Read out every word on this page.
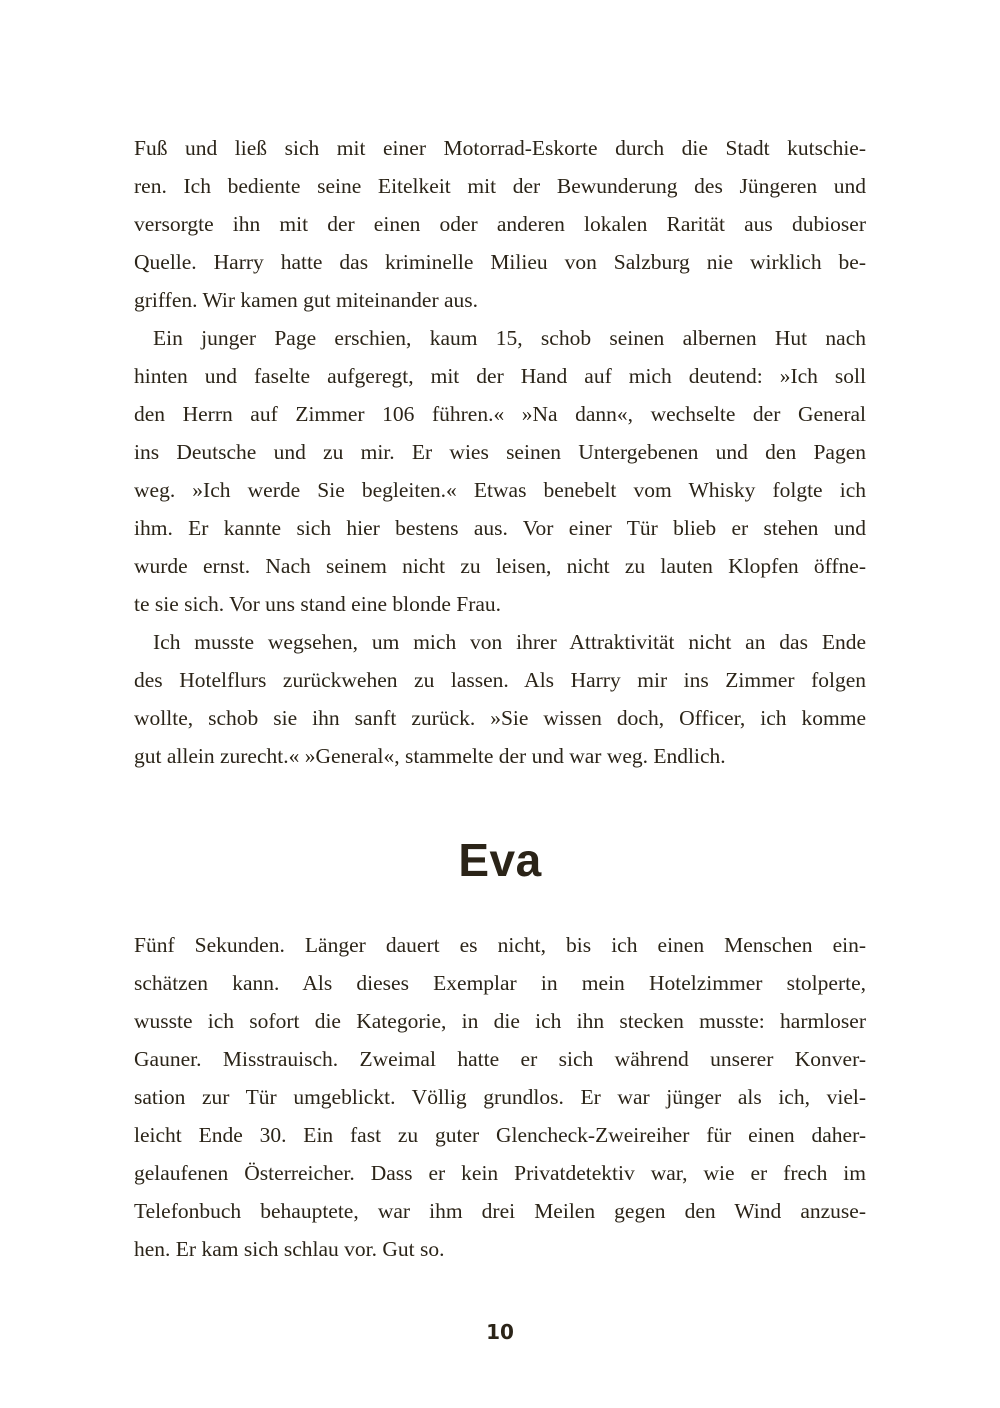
Fuß und ließ sich mit einer Motorrad-Eskorte durch die Stadt kutschie-
ren. Ich bediente seine Eitelkeit mit der Bewunderung des Jüngeren und
versorgte ihn mit der einen oder anderen lokalen Rarität aus dubioser
Quelle. Harry hatte das kriminelle Milieu von Salzburg nie wirklich be-
griffen. Wir kamen gut miteinander aus.
Ein junger Page erschien, kaum 15, schob seinen albernen Hut nach
hinten und faselte aufgeregt, mit der Hand auf mich deutend: »Ich soll
den Herrn auf Zimmer 106 führen.« »Na dann«, wechselte der General
ins Deutsche und zu mir. Er wies seinen Untergebenen und den Pagen
weg. »Ich werde Sie begleiten.« Etwas benebelt vom Whisky folgte ich
ihm. Er kannte sich hier bestens aus. Vor einer Tür blieb er stehen und
wurde ernst. Nach seinem nicht zu leisen, nicht zu lauten Klopfen öffne-
te sie sich. Vor uns stand eine blonde Frau.
Ich musste wegsehen, um mich von ihrer Attraktivität nicht an das Ende
des Hotelflurs zurückwehen zu lassen. Als Harry mir ins Zimmer folgen
wollte, schob sie ihn sanft zurück. »Sie wissen doch, Officer, ich komme
gut allein zurecht.« »General«, stammelte der und war weg. Endlich.
Eva
Fünf Sekunden. Länger dauert es nicht, bis ich einen Menschen ein-
schätzen kann. Als dieses Exemplar in mein Hotelzimmer stolperte,
wusste ich sofort die Kategorie, in die ich ihn stecken musste: harmloser
Gauner. Misstrauisch. Zweimal hatte er sich während unserer Konver-
sation zur Tür umgeblickt. Völlig grundlos. Er war jünger als ich, viel-
leicht Ende 30. Ein fast zu guter Glencheck-Zweireiher für einen daher-
gelaufenen Österreicher. Dass er kein Privatdetektiv war, wie er frech im
Telefonbuch behauptete, war ihm drei Meilen gegen den Wind anzuse-
hen. Er kam sich schlau vor. Gut so.
10
